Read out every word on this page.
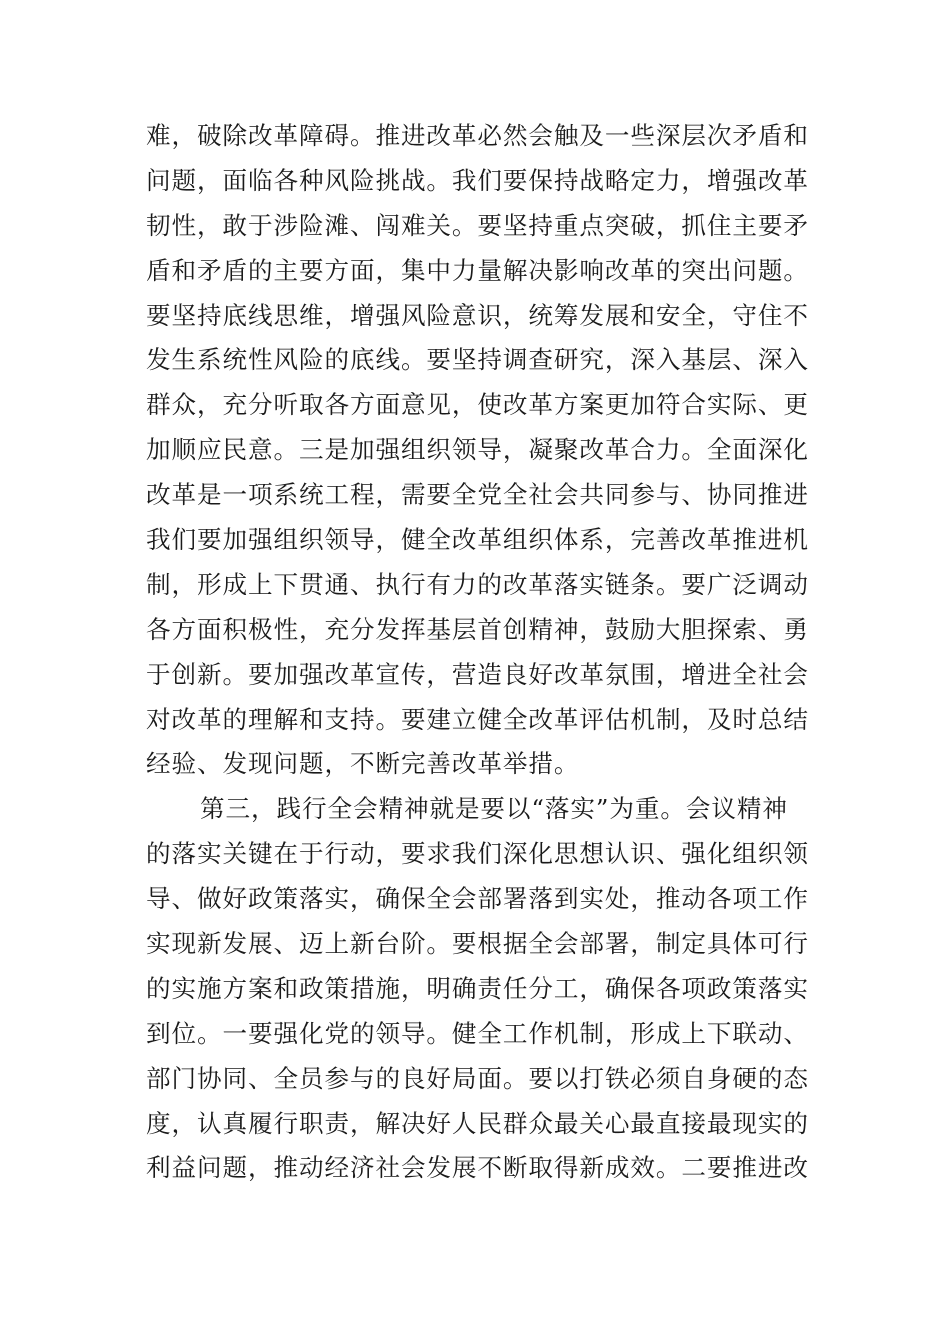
难，破除改革障碍。推进改革必然会触及一些深层次矛盾和
问题，面临各种风险挑战。我们要保持战略定力，增强改革
韧性，敢于涉险滩、闯难关。要坚持重点突破，抓住主要矛
盾和矛盾的主要方面，集中力量解决影响改革的突出问题。
要坚持底线思维，增强风险意识，统筹发展和安全，守住不
发生系统性风险的底线。要坚持调查研究，深入基层、深入
群众，充分听取各方面意见，使改革方案更加符合实际、更
加顺应民意。三是加强组织领导，凝聚改革合力。全面深化
改革是一项系统工程，需要全党全社会共同参与、协同推进
我们要加强组织领导，健全改革组织体系，完善改革推进机
制，形成上下贯通、执行有力的改革落实链条。要广泛调动
各方面积极性，充分发挥基层首创精神，鼓励大胆探索、勇
于创新。要加强改革宣传，营造良好改革氛围，增进全社会
对改革的理解和支持。要建立健全改革评估机制，及时总结
经验、发现问题，不断完善改革举措。
第三，践行全会精神就是要以“落实”为重。会议精神
的落实关键在于行动，要求我们深化思想认识、强化组织领
导、做好政策落实，确保全会部署落到实处，推动各项工作
实现新发展、迈上新台阶。要根据全会部署，制定具体可行
的实施方案和政策措施，明确责任分工，确保各项政策落实
到位。一要强化党的领导。健全工作机制，形成上下联动、
部门协同、全员参与的良好局面。要以打铁必须自身硬的态
度，认真履行职责，解决好人民群众最关心最直接最现实的
利益问题，推动经济社会发展不断取得新成效。二要推进改
